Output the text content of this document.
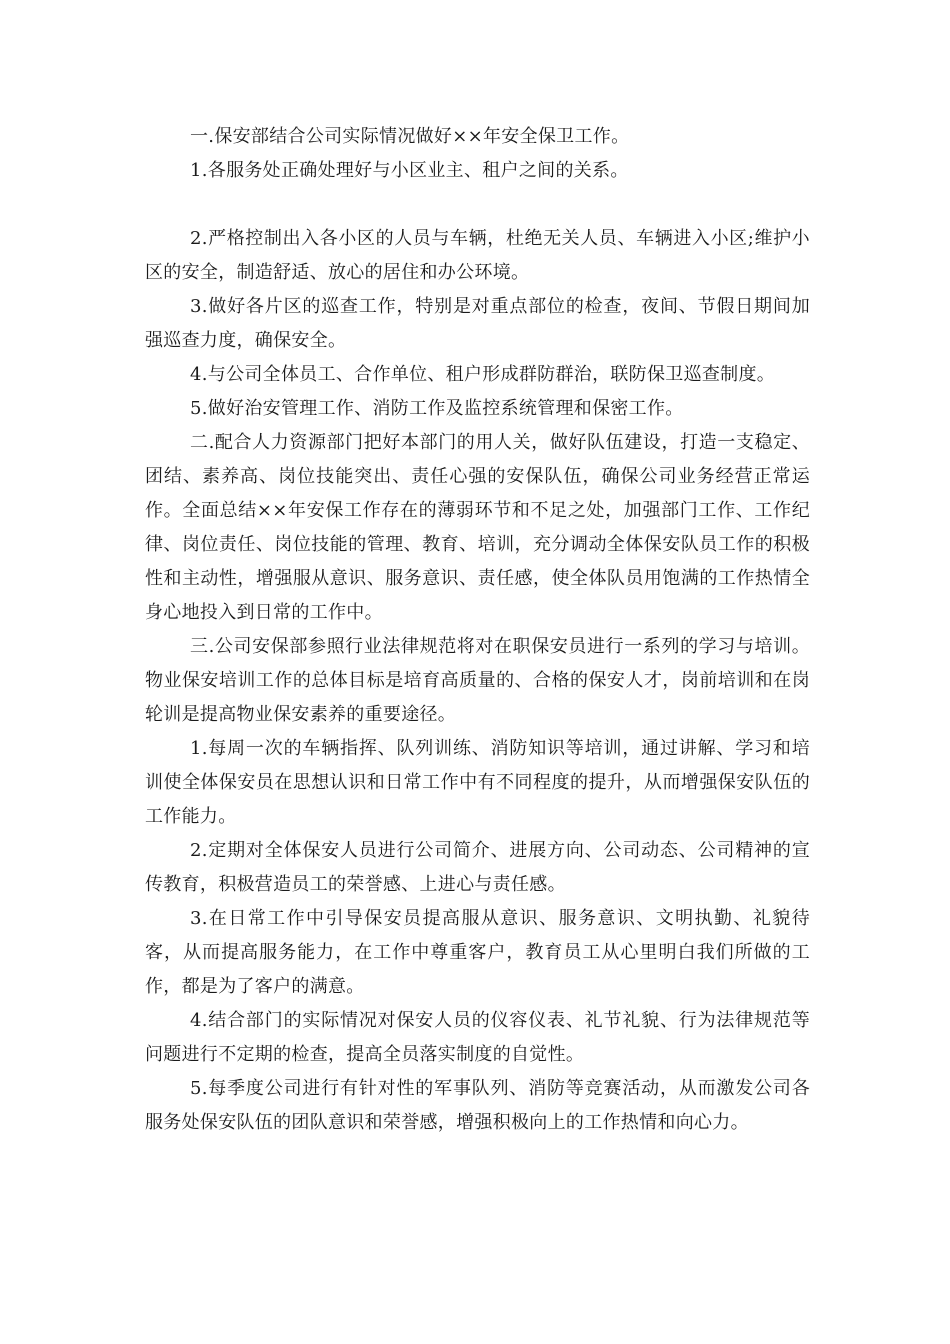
一.保安部结合公司实际情况做好××年安全保卫工作。

1.各服务处正确处理好与小区业主、租户之间的关系。

2.严格控制出入各小区的人员与车辆，杜绝无关人员、车辆进入小区;维护小区的安全，制造舒适、放心的居住和办公环境。

3.做好各片区的巡查工作，特别是对重点部位的检查，夜间、节假日期间加强巡查力度，确保安全。

4.与公司全体员工、合作单位、租户形成群防群治，联防保卫巡查制度。

5.做好治安管理工作、消防工作及监控系统管理和保密工作。

二.配合人力资源部门把好本部门的用人关，做好队伍建设，打造一支稳定、团结、素养高、岗位技能突出、责任心强的安保队伍，确保公司业务经营正常运作。全面总结××年安保工作存在的薄弱环节和不足之处，加强部门工作、工作纪律、岗位责任、岗位技能的管理、教育、培训，充分调动全体保安队员工作的积极性和主动性，增强服从意识、服务意识、责任感，使全体队员用饱满的工作热情全身心地投入到日常的工作中。

三.公司安保部参照行业法律规范将对在职保安员进行一系列的学习与培训。物业保安培训工作的总体目标是培育高质量的、合格的保安人才，岗前培训和在岗轮训是提高物业保安素养的重要途径。

1.每周一次的车辆指挥、队列训练、消防知识等培训，通过讲解、学习和培训使全体保安员在思想认识和日常工作中有不同程度的提升，从而增强保安队伍的工作能力。

2.定期对全体保安人员进行公司简介、进展方向、公司动态、公司精神的宣传教育，积极营造员工的荣誉感、上进心与责任感。

3.在日常工作中引导保安员提高服从意识、服务意识、文明执勤、礼貌待客，从而提高服务能力，在工作中尊重客户，教育员工从心里明白我们所做的工作，都是为了客户的满意。

4.结合部门的实际情况对保安人员的仪容仪表、礼节礼貌、行为法律规范等问题进行不定期的检查，提高全员落实制度的自觉性。

5.每季度公司进行有针对性的军事队列、消防等竞赛活动，从而激发公司各服务处保安队伍的团队意识和荣誉感，增强积极向上的工作热情和向心力。
